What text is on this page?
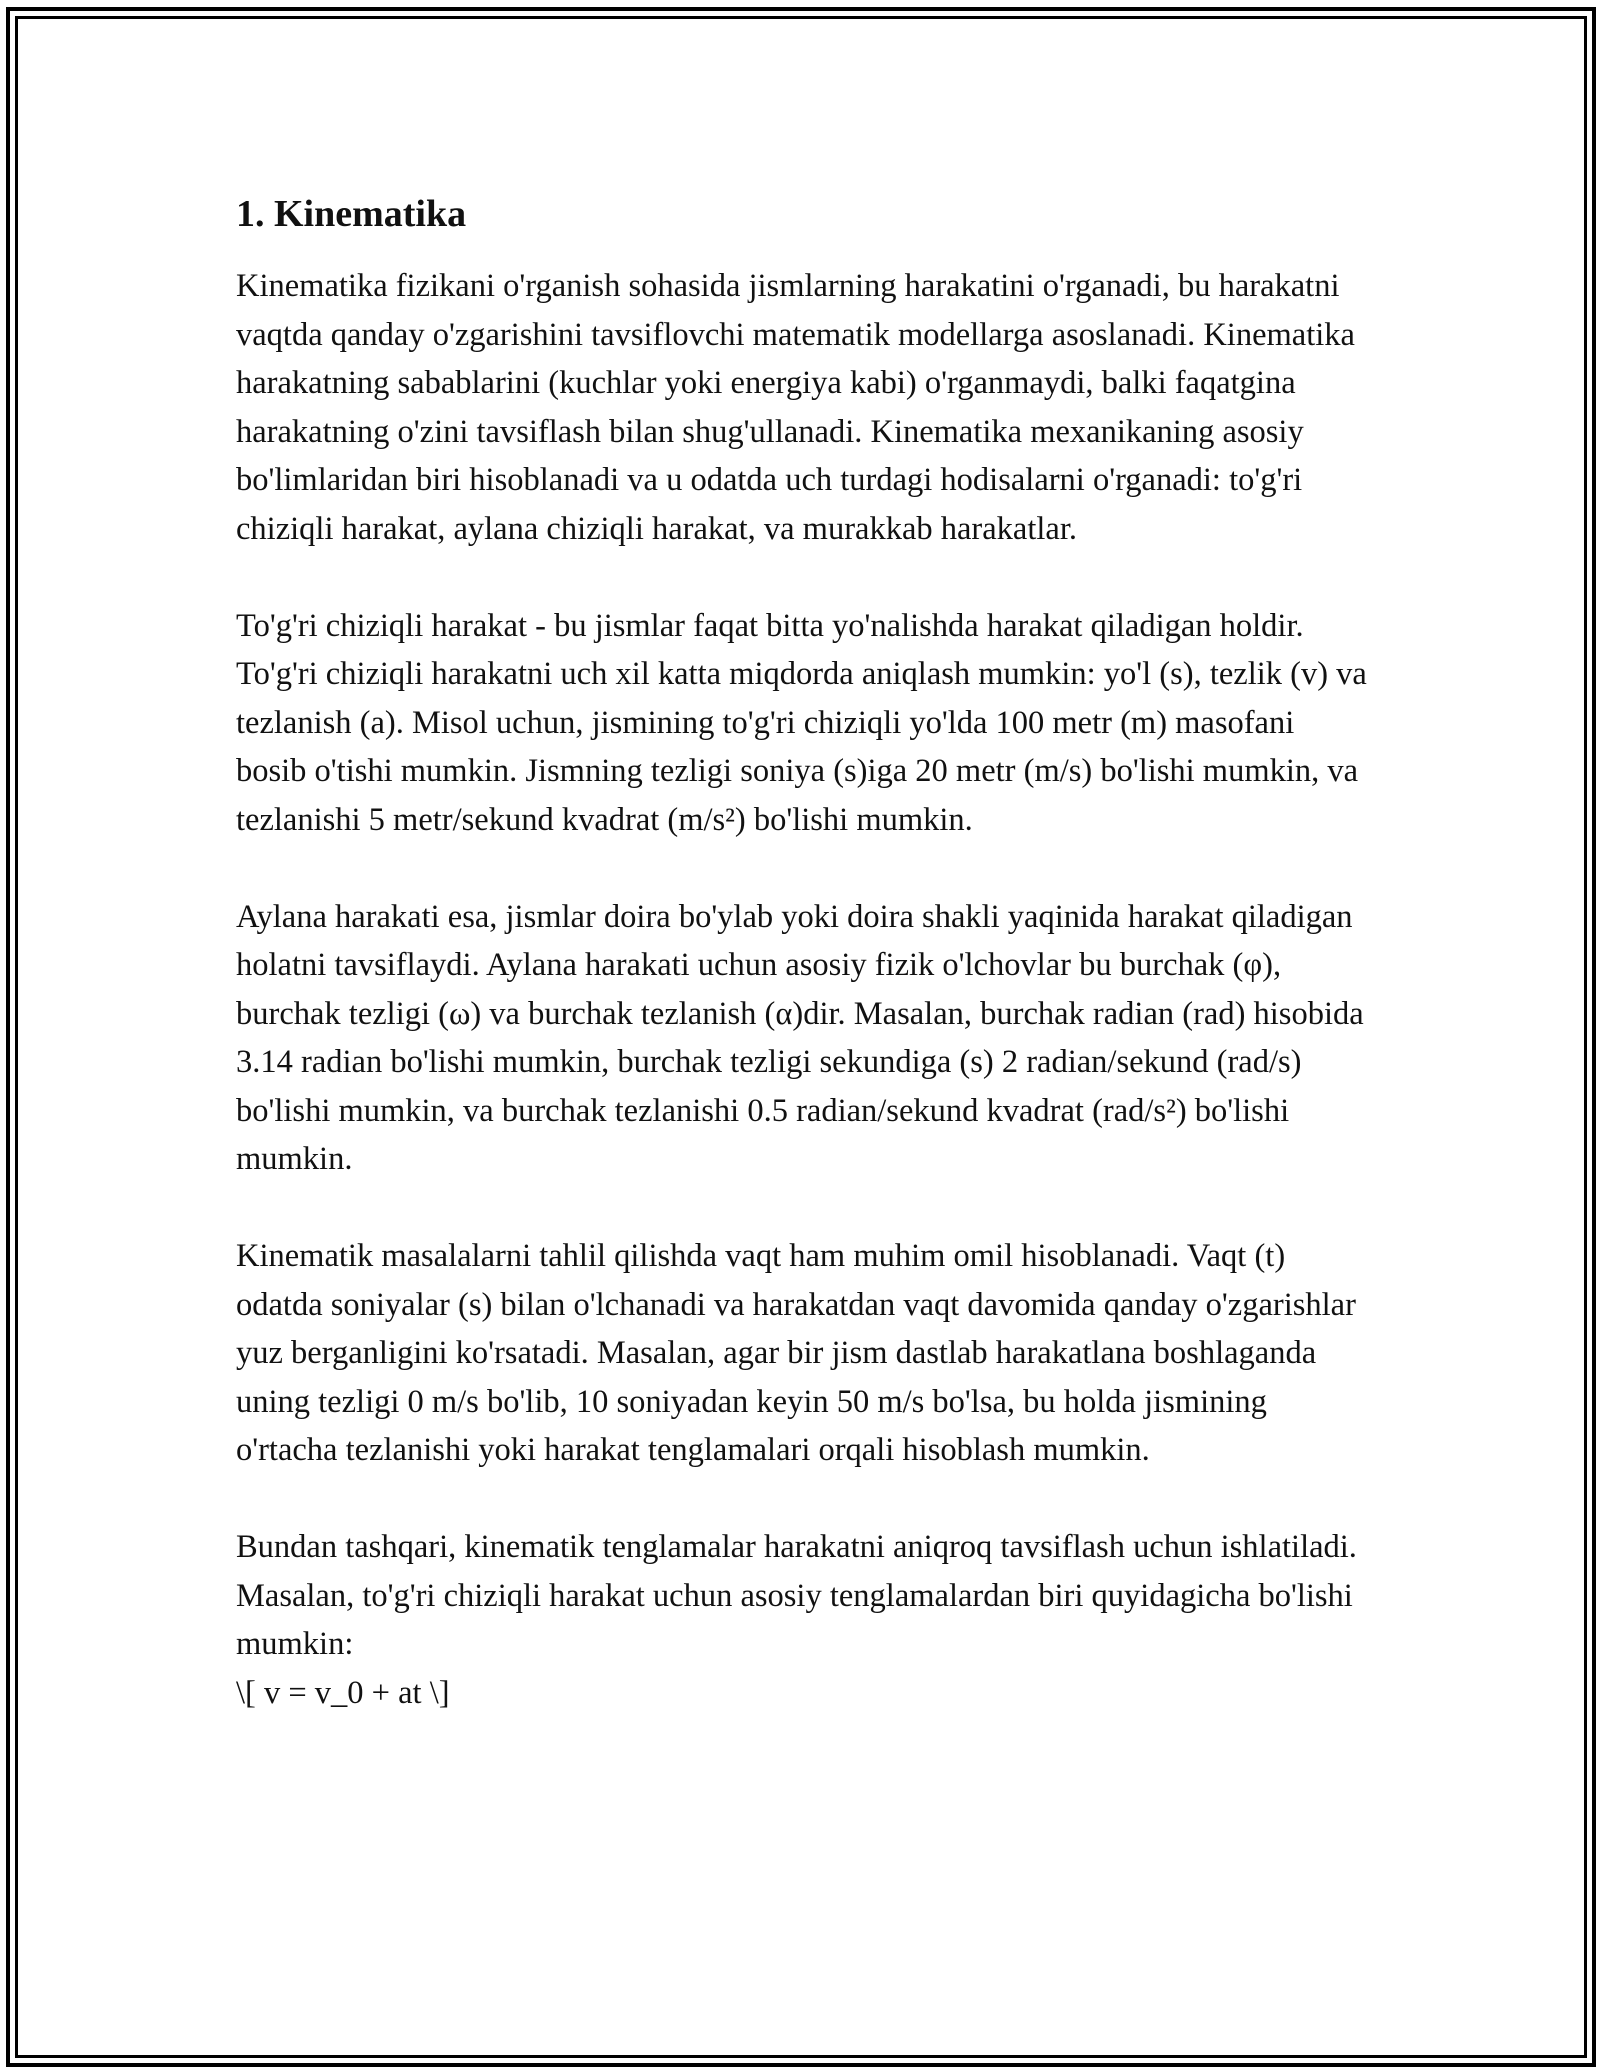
1. Kinematika

Kinematika fizikani o'rganish sohasida jismlarning harakatini o'rganadi, bu harakatni vaqtda qanday o'zgarishini tavsiflovchi matematik modellarga asoslanadi. Kinematika harakatning sabablarini (kuchlar yoki energiya kabi) o'rganmaydi, balki faqatgina harakatning o'zini tavsiflash bilan shug'ullanadi. Kinematika mexanikaning asosiy bo'limlaridan biri hisoblanadi va u odatda uch turdagi hodisalarni o'rganadi: to'g'ri chiziqli harakat, aylana chiziqli harakat, va murakkab harakatlar.

To'g'ri chiziqli harakat - bu jismlar faqat bitta yo'nalishda harakat qiladigan holdir. To'g'ri chiziqli harakatni uch xil katta miqdorda aniqlash mumkin: yo'l (s), tezlik (v) va tezlanish (a). Misol uchun, jismining to'g'ri chiziqli yo'lda 100 metr (m) masofani bosib o'tishi mumkin. Jismning tezligi soniya (s)iga 20 metr (m/s) bo'lishi mumkin, va tezlanishi 5 metr/sekund kvadrat (m/s²) bo'lishi mumkin.

Aylana harakati esa, jismlar doira bo'ylab yoki doira shakli yaqinida harakat qiladigan holatni tavsiflaydi. Aylana harakati uchun asosiy fizik o'lchovlar bu burchak (φ), burchak tezligi (ω) va burchak tezlanish (α)dir. Masalan, burchak radian (rad) hisobida 3.14 radian bo'lishi mumkin, burchak tezligi sekundiga (s) 2 radian/sekund (rad/s) bo'lishi mumkin, va burchak tezlanishi 0.5 radian/sekund kvadrat (rad/s²) bo'lishi mumkin.

Kinematik masalalarni tahlil qilishda vaqt ham muhim omil hisoblanadi. Vaqt (t) odatda soniyalar (s) bilan o'lchanadi va harakatdan vaqt davomida qanday o'zgarishlar yuz berganligini ko'rsatadi. Masalan, agar bir jism dastlab harakatlana boshlaganda uning tezligi 0 m/s bo'lib, 10 soniyadan keyin 50 m/s bo'lsa, bu holda jismining o'rtacha tezlanishi yoki harakat tenglamalari orqali hisoblash mumkin.

Bundan tashqari, kinematik tenglamalar harakatni aniqroq tavsiflash uchun ishlatiladi. Masalan, to'g'ri chiziqli harakat uchun asosiy tenglamalardan biri quyidagicha bo'lishi mumkin:

\[ v = v_0 + at \]
